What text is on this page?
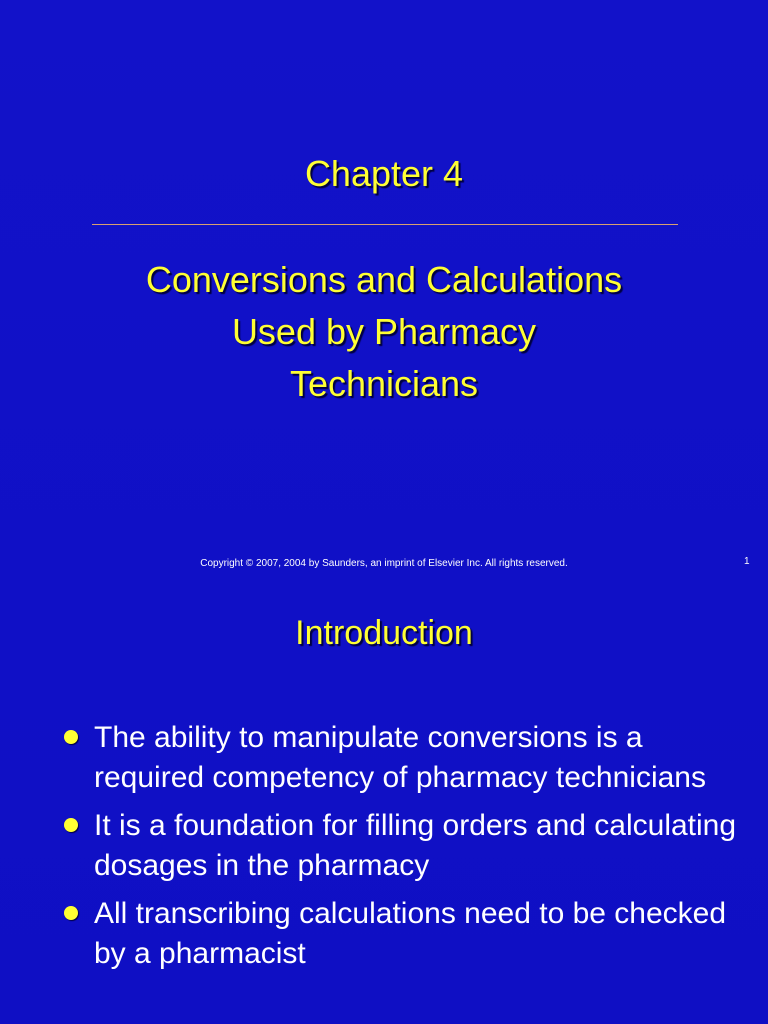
Chapter 4
Conversions and Calculations
Used by Pharmacy
Technicians
Copyright © 2007, 2004 by Saunders, an imprint of Elsevier Inc. All rights reserved.	1
Introduction
The ability to manipulate conversions is a required competency of pharmacy technicians
It is a foundation for filling orders and calculating dosages in the pharmacy
All transcribing calculations need to be checked by a pharmacist
